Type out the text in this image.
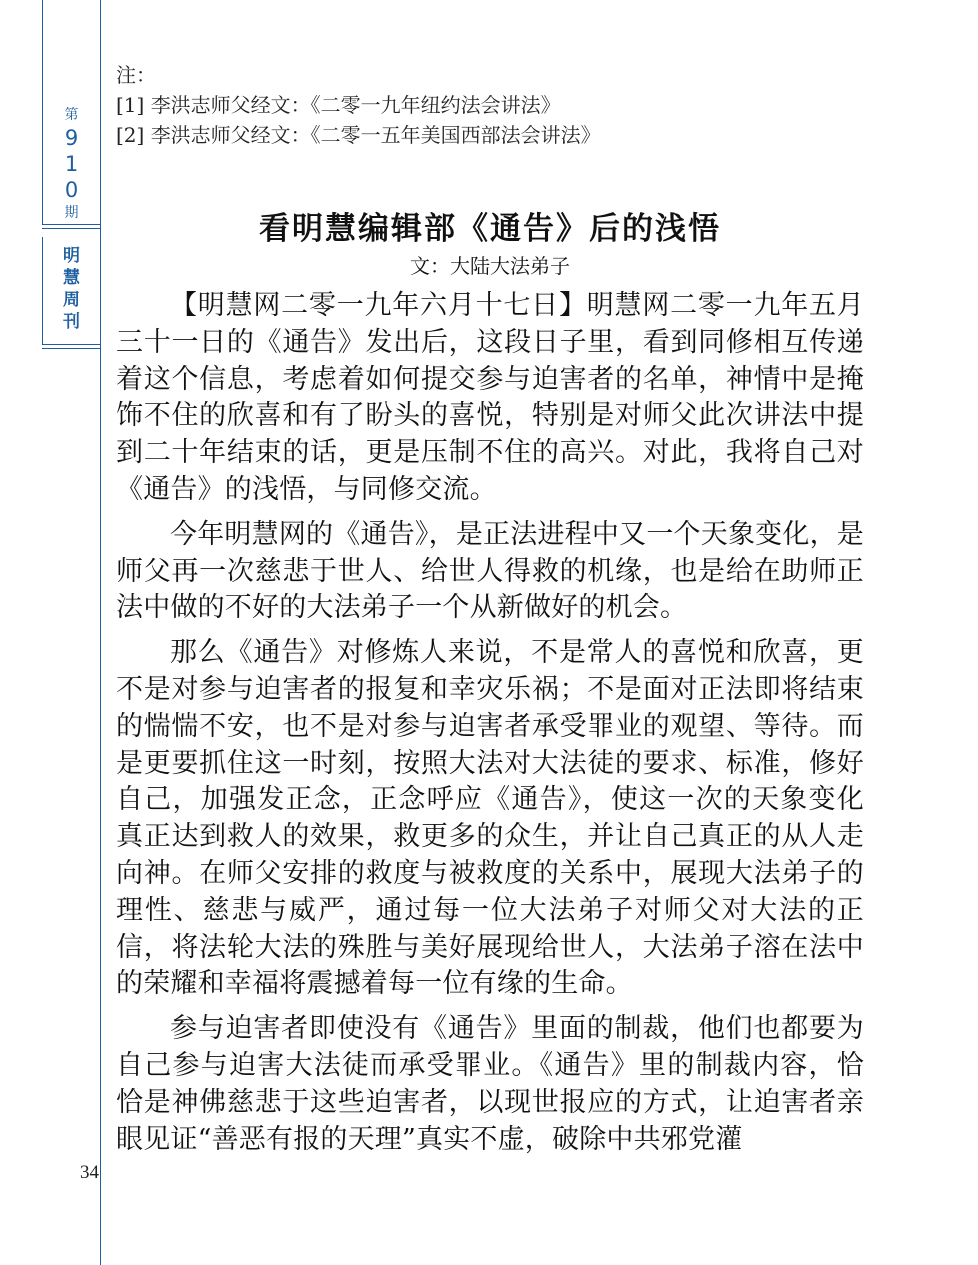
第
9
1
0
期
明
慧
周
刊
注：
[1] 李洪志师父经文：《二零一九年纽约法会讲法》
[2] 李洪志师父经文：《二零一五年美国西部法会讲法》
看明慧编辑部《通告》后的浅悟
文：大陆大法弟子

【明慧网二零一九年六月十七日】明慧网二零一九年五月三十一日的《通告》发出后，这段日子里，看到同修相互传递着这个信息，考虑着如何提交参与迫害者的名单，神情中是掩饰不住的欣喜和有了盼头的喜悦，特别是对师父此次讲法中提到二十年结束的话，更是压制不住的高兴。对此，我将自己对《通告》的浅悟，与同修交流。

今年明慧网的《通告》，是正法进程中又一个天象变化，是师父再一次慈悲于世人、给世人得救的机缘，也是给在助师正法中做的不好的大法弟子一个从新做好的机会。

那么《通告》对修炼人来说，不是常人的喜悦和欣喜，更不是对参与迫害者的报复和幸灾乐祸；不是面对正法即将结束的惴惴不安，也不是对参与迫害者承受罪业的观望、等待。而是更要抓住这一时刻，按照大法对大法徒的要求、标准，修好自己，加强发正念，正念呼应《通告》，使这一次的天象变化真正达到救人的效果，救更多的众生，并让自己真正的从人走向神。在师父安排的救度与被救度的关系中，展现大法弟子的理性、慈悲与威严，通过每一位大法弟子对师父对大法的正信，将法轮大法的殊胜与美好展现给世人，大法弟子溶在法中的荣耀和幸福将震撼着每一位有缘的生命。

参与迫害者即使没有《通告》里面的制裁，他们也都要为自己参与迫害大法徒而承受罪业。《通告》里的制裁内容，恰恰是神佛慈悲于这些迫害者，以现世报应的方式，让迫害者亲眼见证“善恶有报的天理”真实不虚，破除中共邪党灌

34
